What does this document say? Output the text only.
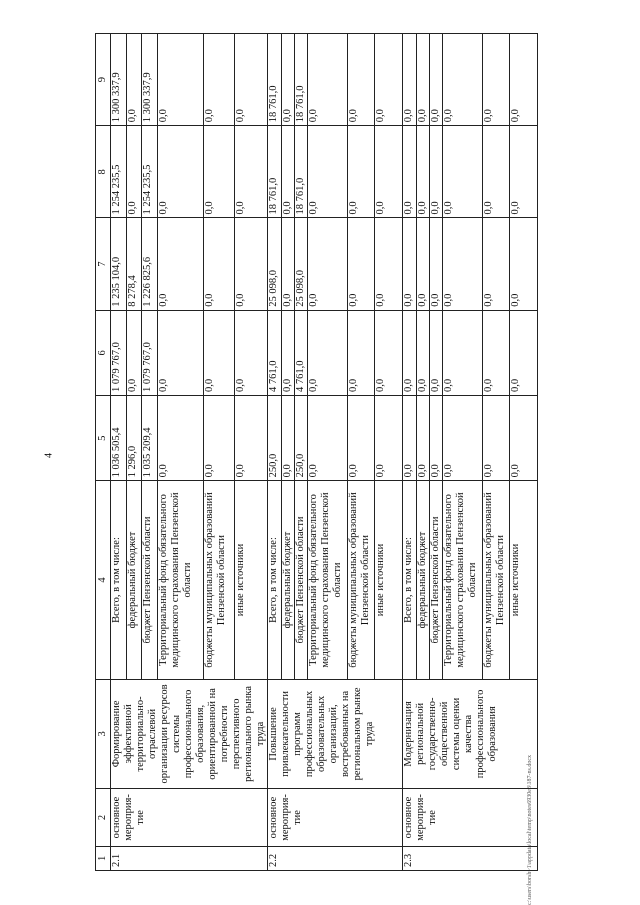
4
c:\users\borsh~1\appdata\local\temp\notes6930e8\187-ns.docx
1	2	3	4	5	6	7	8	9
2.1	основное мероприя-тие	Формирование эффективной территориально-отраслевой организации ресурсов системы профессионального образования, ориентированной на потребности перспективного регионального рынка труда	Всего, в том числе:	1 036 505,4	1 079 767,0	1 235 104,0	1 254 235,5	1 300 337,9
			федеральный бюджет	1 296,0	0,0	8 278,4	0,0	0,0
			бюджет Пензенской области	1 035 209,4	1 079 767,0	1 226 825,6	1 254 235,5	1 300 337,9
			Территориальный фонд обязательного медицинского страхования Пензенской области	0,0	0,0	0,0	0,0	0,0
			бюджеты муниципальных образований Пензенской области	0,0	0,0	0,0	0,0	0,0
			иные источники	0,0	0,0	0,0	0,0	0,0
2.2	основное мероприя-тие	Повышение привлекательности программ профессиональных образовательных организаций, востребованных на региональном рынке труда	Всего, в том числе:	250,0	4 761,0	25 098,0	18 761,0	18 761,0
			федеральный бюджет	0,0	0,0	0,0	0,0	0,0
			бюджет Пензенской области	250,0	4 761,0	25 098,0	18 761,0	18 761,0
			Территориальный фонд обязательного медицинского страхования Пензенской области	0,0	0,0	0,0	0,0	0,0
			бюджеты муниципальных образований Пензенской области	0,0	0,0	0,0	0,0	0,0
			иные источники	0,0	0,0	0,0	0,0	0,0
2.3	основное мероприя-тие	Модернизация региональной государственно-общественной системы оценки качества профессионального образования	Всего, в том числе:	0,0	0,0	0,0	0,0	0,0
			федеральный бюджет	0,0	0,0	0,0	0,0	0,0
			бюджет Пензенской области	0,0	0,0	0,0	0,0	0,0
			Территориальный фонд обязательного медицинского страхования Пензенской области	0,0	0,0	0,0	0,0	0,0
			бюджеты муниципальных образований Пензенской области	0,0	0,0	0,0	0,0	0,0
			иные источники	0,0	0,0	0,0	0,0	0,0
